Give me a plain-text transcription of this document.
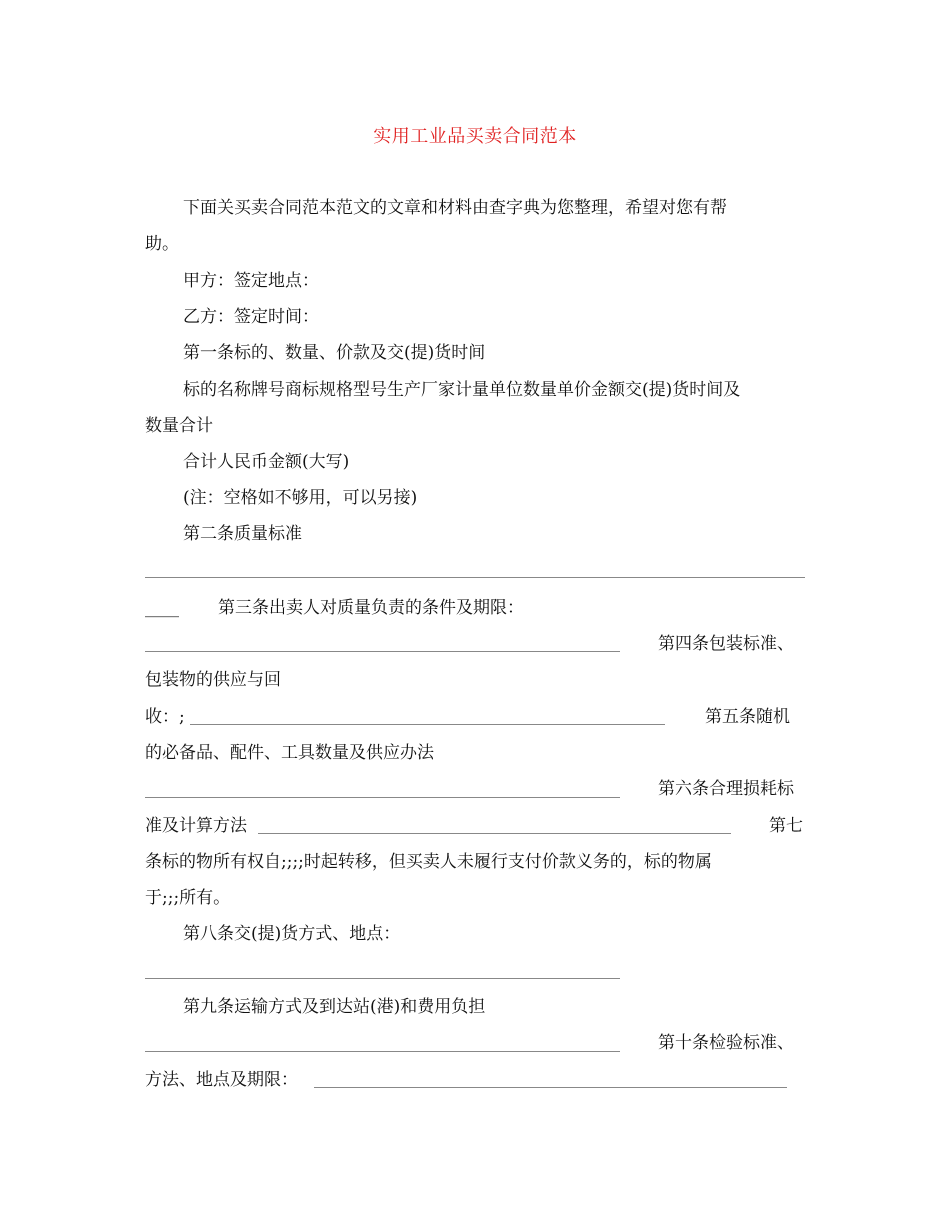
实用工业品买卖合同范本
下面关买卖合同范本范文的文章和材料由查字典为您整理，希望对您有帮
助。
甲方：签定地点：
乙方：签定时间：
第一条标的、数量、价款及交(提)货时间
标的名称牌号商标规格型号生产厂家计量单位数量单价金额交(提)货时间及
数量合计
合计人民币金额(大写)
(注：空格如不够用，可以另接)
第二条质量标准
____ 第三条出卖人对质量负责的条件及期限：
第四条包装标准、
包装物的供应与回
收：;	第五条随机
的必备品、配件、工具数量及供应办法
第六条合理损耗标
准及计算方法	第七
条标的物所有权自;;;;时起转移，但买卖人未履行支付价款义务的，标的物属
于;;;所有。
第八条交(提)货方式、地点：
第九条运输方式及到达站(港)和费用负担
第十条检验标准、
方法、地点及期限：
